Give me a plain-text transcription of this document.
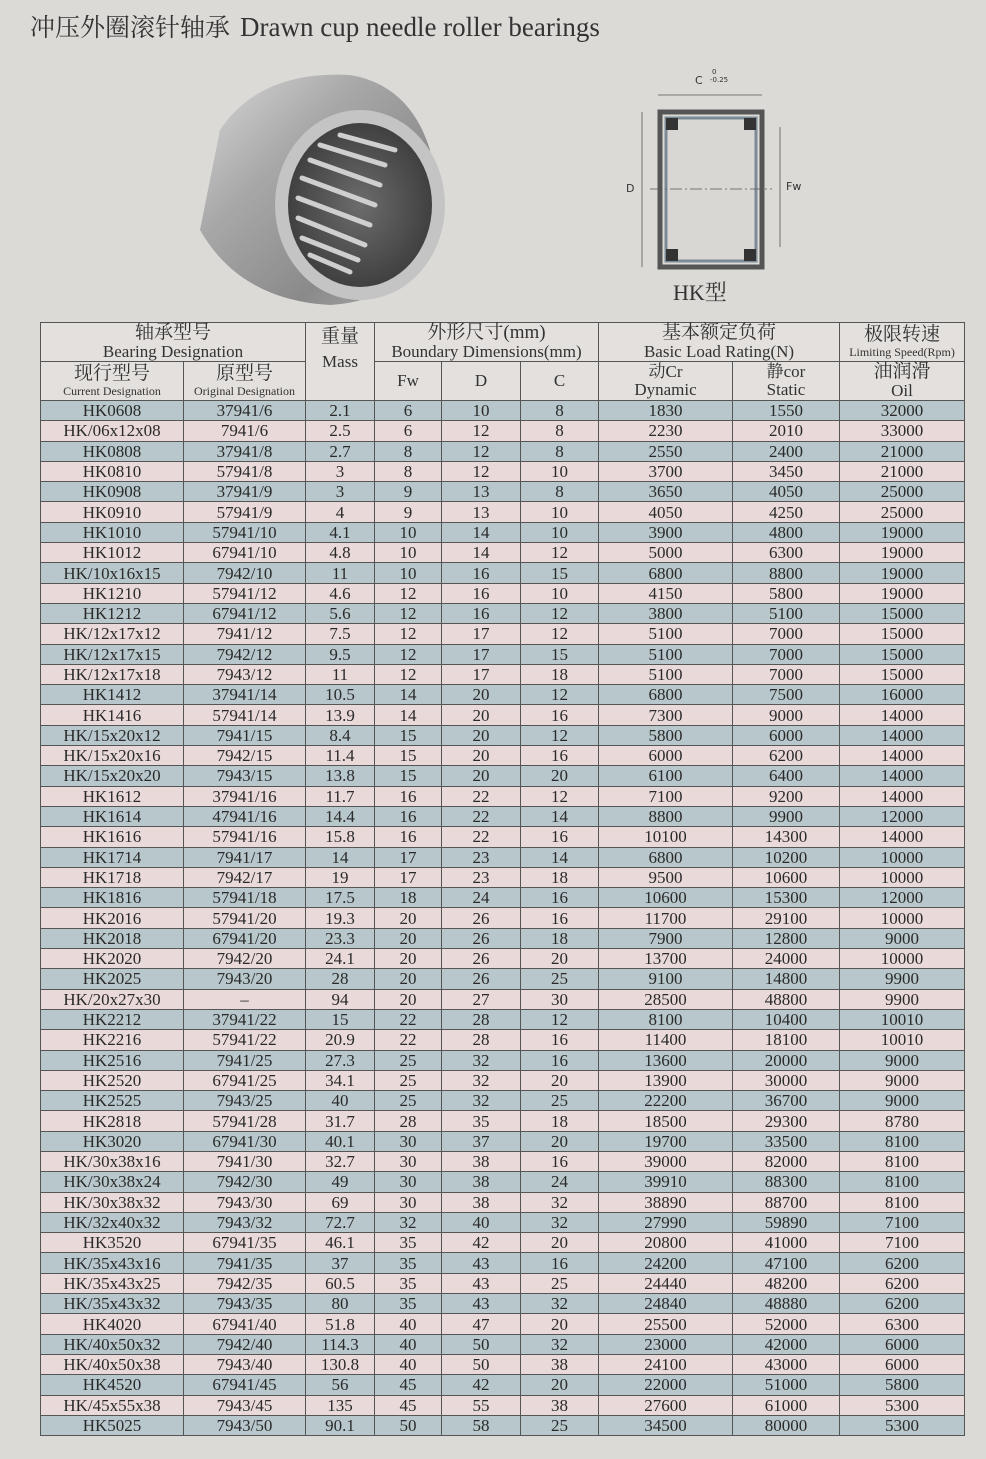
冲压外圈滚针轴承 Drawn cup needle roller bearings
C
0
-0.25
D	Fw
HK型
轴承型号
Bearing Designation		重量
Mass	外形尺寸(mm)
Boundary Dimensions(mm)			基本额定负荷
Basic Load Rating(N)		极限转速
Limiting Speed(Rpm)

现行型号
Current Designation	原型号
Original Designation		Fw	D	C	动Cr
Dynamic	静cor
Static	油润滑
Oil

HK0608	37941/6	2.1	6	10	8	1830	1550	32000
HK/06x12x08	7941/6	2.5	6	12	8	2230	2010	33000
HK0808	37941/8	2.7	8	12	8	2550	2400	21000
HK0810	57941/8	3	8	12	10	3700	3450	21000
HK0908	37941/9	3	9	13	8	3650	4050	25000
HK0910	57941/9	4	9	13	10	4050	4250	25000
HK1010	57941/10	4.1	10	14	10	3900	4800	19000
HK1012	67941/10	4.8	10	14	12	5000	6300	19000
HK/10x16x15	7942/10	11	10	16	15	6800	8800	19000
HK1210	57941/12	4.6	12	16	10	4150	5800	19000
HK1212	67941/12	5.6	12	16	12	3800	5100	15000
HK/12x17x12	7941/12	7.5	12	17	12	5100	7000	15000
HK/12x17x15	7942/12	9.5	12	17	15	5100	7000	15000
HK/12x17x18	7943/12	11	12	17	18	5100	7000	15000
HK1412	37941/14	10.5	14	20	12	6800	7500	16000
HK1416	57941/14	13.9	14	20	16	7300	9000	14000
HK/15x20x12	7941/15	8.4	15	20	12	5800	6000	14000
HK/15x20x16	7942/15	11.4	15	20	16	6000	6200	14000
HK/15x20x20	7943/15	13.8	15	20	20	6100	6400	14000
HK1612	37941/16	11.7	16	22	12	7100	9200	14000
HK1614	47941/16	14.4	16	22	14	8800	9900	12000
HK1616	57941/16	15.8	16	22	16	10100	14300	14000
HK1714	7941/17	14	17	23	14	6800	10200	10000
HK1718	7942/17	19	17	23	18	9500	10600	10000
HK1816	57941/18	17.5	18	24	16	10600	15300	12000
HK2016	57941/20	19.3	20	26	16	11700	29100	10000
HK2018	67941/20	23.3	20	26	18	7900	12800	9000
HK2020	7942/20	24.1	20	26	20	13700	24000	10000
HK2025	7943/20	28	20	26	25	9100	14800	9900
HK/20x27x30	–	94	20	27	30	28500	48800	9900
HK2212	37941/22	15	22	28	12	8100	10400	10010
HK2216	57941/22	20.9	22	28	16	11400	18100	10010
HK2516	7941/25	27.3	25	32	16	13600	20000	9000
HK2520	67941/25	34.1	25	32	20	13900	30000	9000
HK2525	7943/25	40	25	32	25	22200	36700	9000
HK2818	57941/28	31.7	28	35	18	18500	29300	8780
HK3020	67941/30	40.1	30	37	20	19700	33500	8100
HK/30x38x16	7941/30	32.7	30	38	16	39000	82000	8100
HK/30x38x24	7942/30	49	30	38	24	39910	88300	8100
HK/30x38x32	7943/30	69	30	38	32	38890	88700	8100
HK/32x40x32	7943/32	72.7	32	40	32	27990	59890	7100
HK3520	67941/35	46.1	35	42	20	20800	41000	7100
HK/35x43x16	7941/35	37	35	43	16	24200	47100	6200
HK/35x43x25	7942/35	60.5	35	43	25	24440	48200	6200
HK/35x43x32	7943/35	80	35	43	32	24840	48880	6200
HK4020	67941/40	51.8	40	47	20	25500	52000	6300
HK/40x50x32	7942/40	114.3	40	50	32	23000	42000	6000
HK/40x50x38	7943/40	130.8	40	50	38	24100	43000	6000
HK4520	67941/45	56	45	42	20	22000	51000	5800
HK/45x55x38	7943/45	135	45	55	38	27600	61000	5300
HK5025	7943/50	90.1	50	58	25	34500	80000	5300
